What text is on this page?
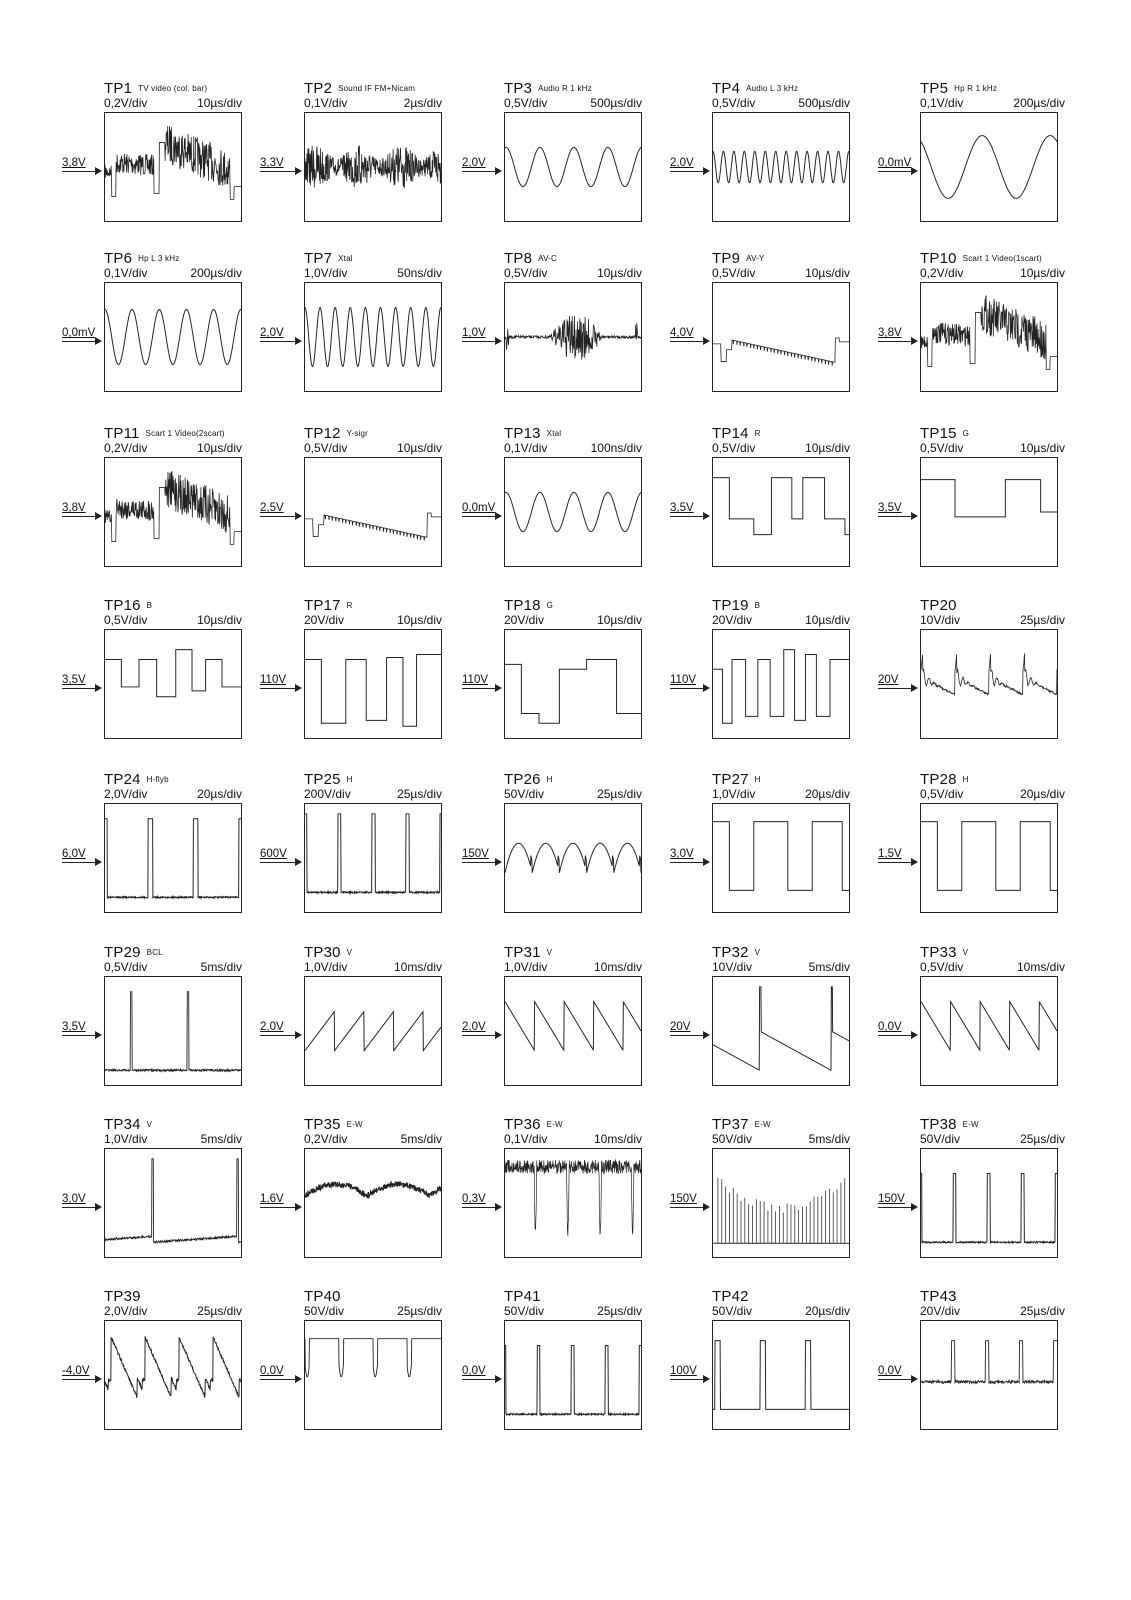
TP1 $^{TV video (col. bar)}$
0,2V/div	10µs/div
3,8V
TP2 $^{Sound IF FM+Nicam}$
0,1V/div	2µs/div
3,3V
TP3 $^{Audio R 1 kHz}$
0,5V/div	500µs/div
2,0V
TP4 $^{Audio L 3 kHz}$
0,5V/div	500µs/div
2,0V
TP5 $^{Hp R 1 kHz}$
0,1V/div	200µs/div
0,0mV
TP6 $^{Hp L 3 kHz}$
0,1V/div	200µs/div
0,0mV
TP7 $^{Xtal}$
1,0V/div	50ns/div
2,0V
TP8 $^{AV-C}$
0,5V/div	10µs/div
1,0V
TP9 $^{AV-Y}$
0,5V/div	10µs/div
4,0V
TP10 $^{Scart 1 Video(1scart)}$
0,2V/div	10µs/div
3,8V
TP11 $^{Scart 1 Video(2scart)}$
0,2V/div	10µs/div
3,8V
TP12 $^{Y-sigr}$
0,5V/div	10µs/div
2,5V
TP13 $^{Xtal}$
0,1V/div	100ns/div
0,0mV
TP14 $^R$
0,5V/div	10µs/div
3,5V
TP15 $^G$
0,5V/div	10µs/div
3,5V
TP16 $^B$
0,5V/div	10µs/div
3,5V
TP17 $^R$
20V/div	10µs/div
110V
TP18 $^G$
20V/div	10µs/div
110V
TP19 $^B$
20V/div	10µs/div
110V
TP20
10V/div	25µs/div
20V
TP24 $^{H-flyb}$
2,0V/div	20µs/div
6,0V
TP25 $^H$
200V/div	25µs/div
600V
TP26 $^H$
50V/div	25µs/div
150V
TP27 $^H$
1,0V/div	20µs/div
3,0V
TP28 $^H$
0,5V/div	20µs/div
1,5V
TP29 $^{BCL}$
0,5V/div	5ms/div
3,5V
TP30 $^V$
1,0V/div	10ms/div
2,0V
TP31 $^V$
1,0V/div	10ms/div
2,0V
TP32 $^V$
10V/div	5ms/div
20V
TP33 $^V$
0,5V/div	10ms/div
0,0V
TP34 $^V$
1,0V/div	5ms/div
3,0V
TP35 $^{E-W}$
0,2V/div	5ms/div
1,6V
TP36 $^{E-W}$
0,1V/div	10ms/div
0,3V
TP37 $^{E-W}$
50V/div	5ms/div
150V
TP38 $^{E-W}$
50V/div	25µs/div
150V
TP39
2,0V/div	25µs/div
-4,0V
TP40
50V/div	25µs/div
0,0V
TP41
50V/div	25µs/div
0,0V
TP42
50V/div	20µs/div
100V
TP43
20V/div	25µs/div
0,0V
